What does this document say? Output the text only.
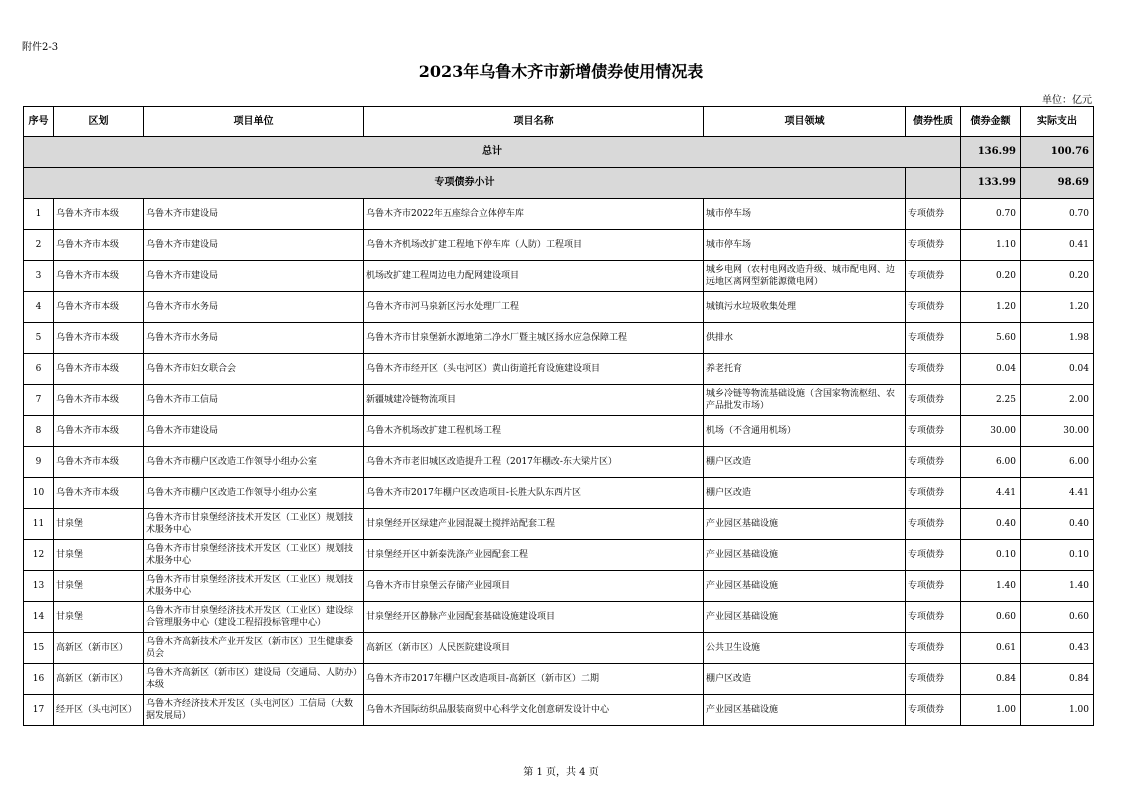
附件2-3
2023年乌鲁木齐市新增债券使用情况表
单位：亿元
序号	区划	项目单位	项目名称	项目领域	债券性质	债券金额	实际支出
总计						136.99	100.76
专项债券小计						133.99	98.69
1	乌鲁木齐市本级	乌鲁木齐市建设局	乌鲁木齐市2022年五座综合立体停车库	城市停车场	专项债券	0.70	0.70
2	乌鲁木齐市本级	乌鲁木齐市建设局	乌鲁木齐机场改扩建工程地下停车库（人防）工程项目	城市停车场	专项债券	1.10	0.41
3	乌鲁木齐市本级	乌鲁木齐市建设局	机场改扩建工程周边电力配网建设项目	城乡电网（农村电网改造升级、城市配电网、边远地区离网型新能源微电网）	专项债券	0.20	0.20
4	乌鲁木齐市本级	乌鲁木齐市水务局	乌鲁木齐市河马泉新区污水处理厂工程	城镇污水垃圾收集处理	专项债券	1.20	1.20
5	乌鲁木齐市本级	乌鲁木齐市水务局	乌鲁木齐市甘泉堡新水源地第二净水厂暨主城区扬水应急保障工程	供排水	专项债券	5.60	1.98
6	乌鲁木齐市本级	乌鲁木齐市妇女联合会	乌鲁木齐市经开区（头屯河区）黄山街道托育设施建设项目	养老托育	专项债券	0.04	0.04
7	乌鲁木齐市本级	乌鲁木齐市工信局	新疆城建冷链物流项目	城乡冷链等物流基础设施（含国家物流枢纽、农产品批发市场）	专项债券	2.25	2.00
8	乌鲁木齐市本级	乌鲁木齐市建设局	乌鲁木齐机场改扩建工程机场工程	机场（不含通用机场）	专项债券	30.00	30.00
9	乌鲁木齐市本级	乌鲁木齐市棚户区改造工作领导小组办公室	乌鲁木齐市老旧城区改造提升工程（2017年棚改-东大梁片区）	棚户区改造	专项债券	6.00	6.00
10	乌鲁木齐市本级	乌鲁木齐市棚户区改造工作领导小组办公室	乌鲁木齐市2017年棚户区改造项目-长胜大队东西片区	棚户区改造	专项债券	4.41	4.41
11	甘泉堡	乌鲁木齐市甘泉堡经济技术开发区（工业区）规划技术服务中心	甘泉堡经开区绿建产业园混凝土搅拌站配套工程	产业园区基础设施	专项债券	0.40	0.40
12	甘泉堡	乌鲁木齐市甘泉堡经济技术开发区（工业区）规划技术服务中心	甘泉堡经开区中新泰洗涤产业园配套工程	产业园区基础设施	专项债券	0.10	0.10
13	甘泉堡	乌鲁木齐市甘泉堡经济技术开发区（工业区）规划技术服务中心	乌鲁木齐市甘泉堡云存储产业园项目	产业园区基础设施	专项债券	1.40	1.40
14	甘泉堡	乌鲁木齐市甘泉堡经济技术开发区（工业区）建设综合管理服务中心（建设工程招投标管理中心）	甘泉堡经开区静脉产业园配套基础设施建设项目	产业园区基础设施	专项债券	0.60	0.60
15	高新区（新市区）	乌鲁木齐高新技术产业开发区（新市区）卫生健康委员会	高新区（新市区）人民医院建设项目	公共卫生设施	专项债券	0.61	0.43
16	高新区（新市区）	乌鲁木齐高新区（新市区）建设局（交通局、人防办）本级	乌鲁木齐市2017年棚户区改造项目-高新区（新市区）二期	棚户区改造	专项债券	0.84	0.84
17	经开区（头屯河区）	乌鲁木齐经济技术开发区（头屯河区）工信局（大数据发展局）	乌鲁木齐国际纺织品服装商贸中心科学文化创意研发设计中心	产业园区基础设施	专项债券	1.00	1.00
第 1 页，共 4 页
